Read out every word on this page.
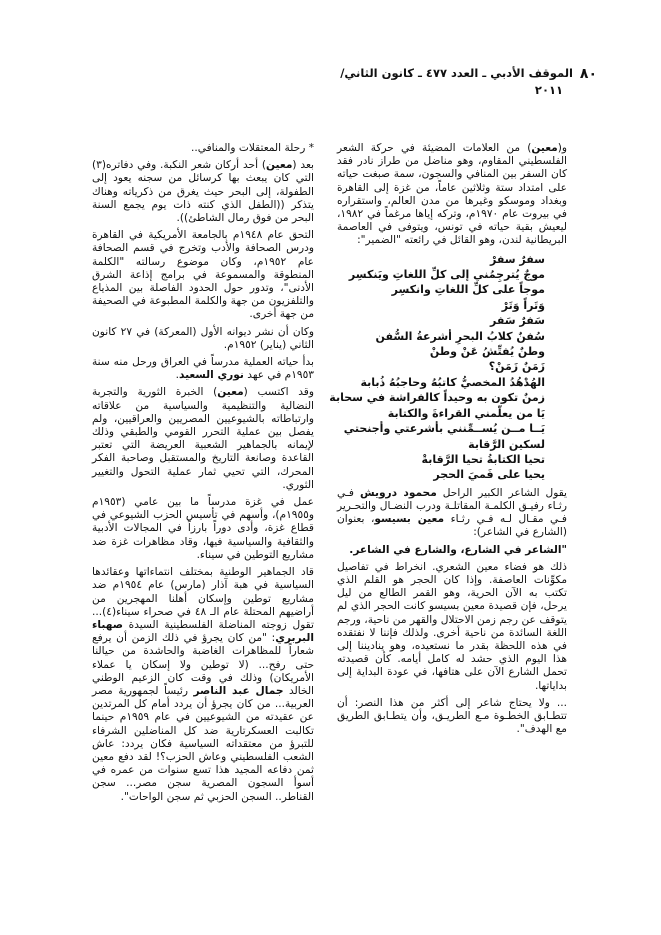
٨٠
الموقف الأدبي ـ العدد ٤٧٧ ـ كانون الثاني/
٢٠١١

و(معين) من العلامات المضيئة في حركة الشعر الفلسطيني المقاوم، وهو مناضل من طراز نادر فقد كان السفر بين المنافي والسجون، سمة صبغت حياته على امتداد ستة وثلاثين عاماً، من غزة إلى القاهرة وبغداد وموسكو وغيرها من مدن العالم، واستقراره في بيروت عام ١٩٧٠م، وتركه إياها مرغماً في ١٩٨٢، ليعيش بقية حياته في تونس، ويتوفى في العاصمة البريطانية لندن، وهو القائل في رائعته "الضمير":

سفرٌ سفرْ
موجٌ يُترجِمُني إلى كلِّ اللغاتِ ويَنكسِر
موجاً على كلِّ اللغاتِ وانكسِر
وَتَراً وَتَرْ
سَفرٌ سَفر
سُفنٌ كلابُ البحرِ أشرعةُ السُّفن
وطنٌ يُفتِّشُ عَنْ وطنْ
زَمَنٌ زَمَنْ؟
الهُدْهُدُ المخصيُّ كاتبُهُ وحاجبُهُ ذُبابة
زمنٌ تكون به وحيداً كالفراشة في سحابة
يَا من يعلّمني القراءةَ والكتابة
يَــا مــن يُســمِّنني بأشرعتي وأجنحتي لسكين الرَّقابة
تحيا الكتابةُ تحيا الرَّقابةْ
يحيا على فَميَ الحجر

يقول الشاعر الكبير الراحل محمود درويش فـي رثـاء رفيـق الكلمـة المقاتلـة ودرب النضـال والتحـرير فـي مقـال لـه فـي رثـاء معين بسيسو، بعنوان (الشارع في الشاعر):

"الشاعر في الشارع، والشارع في الشاعر.

ذلك هو فضاء معين الشعري. انخراط في تفاصيل مكوِّنات العاصفة. وإذا كان الحجر هو القلم الذي تكتب به الآن الحرية، وهو القمر الطالع من ليل يرحل، فإن قصيدة معين بسيسو كانت الحجر الذي لم يتوقف عن رجم زمن الاحتلال والقهر من ناحية، ورجم اللغة السائدة من ناحية أخرى. ولذلك فإننا لا نفتقده في هذه اللحظة بقدر ما نستعيده، وهو يناديننا إلى هذا اليوم الذي حشد له كامل أيامه. كأن قصيدته تحمل الشارع الآن على هتافها، في عودة البداية إلى بداياتها.

... ولا يحتاج شاعر إلى أكثر من هذا النصر: أن تتطـابق الخطـوة مـع الطريـق، وأن يتطـابق الطريق مع الهدف".

* رحلة المعتقلات والمنافي..

بعد (معين) أحد أركان شعر النكبة. وفي دفاتره(٣) التي كان يبعث بها كرسائل من سجنه يعود إلى الطفولة، إلى البحر حيث يغرق من ذكرياته وهناك يتذكر ((الطفل الذي كنته ذات يوم يجمع السنة البحر من فوق رمال الشاطئ)).

التحق عام ١٩٤٨م بالجامعة الأمريكية في القاهرة ودرس الصحافة والأدب وتخرج في قسم الصحافة عام ١٩٥٢م، وكان موضوع رسالته "الكلمة المنطوقة والمسموعة في برامج إذاعة الشرق الأدنى"، وتدور حول الحدود الفاصلة بين المذياع والتلفزيون من جهة والكلمة المطبوعة في الصحيفة من جهة أخرى.

وكان أن نشر ديوانه الأول (المعركة) في ٢٧ كانون الثاني (يناير) ١٩٥٢م.

بدأ حياته العملية مدرساً في العراق ورحل منه سنة ١٩٥٣م في عهد نوري السعيد.

وقد اكتسب (معين) الخبرة الثورية والتجربة النضالية والتنظيمية والسياسية من علاقاته وارتباطاته بالشيوعيين المصريين والعراقيين، ولم يفصل بين عملية التحرر القومي والطبقي وذلك لإيمانه بالجماهير الشعبية العريضة التي تعتبر القاعدة وصانعة التاريخ والمستقبل وصاحبة الفكر المحرك، التي تحيي ثمار عملية التحول والتغيير الثوري.

عمل في غزة مدرساً ما بين عامي (١٩٥٣م و١٩٥٥م)، وأسهم في تأسيس الحزب الشيوعي في قطاع غزة، وأدى دوراً بارزاً في المجالات الأدبية والثقافية والسياسية فيها، وقاد مظاهرات غزة ضد مشاريع التوطين في سيناء.

قاد الجماهير الوطنية بمختلف انتماءاتها وعقائدها السياسية في هبة آذار (مارس) عام ١٩٥٤م ضد مشاريع توطين وإسكان أهلنا المهجرين من أراضيهم المحتلة عام الـ ٤٨ في صحراء سيناء(٤)... تقول زوجته المناضلة الفلسطينية السيدة صهباء البربري: "من كان يجرؤ في ذلك الزمن أن يرفع شعاراً للمظاهرات الغاضبة والحاشدة من حيالنا حتى رفح... (لا توطين ولا إسكان يا عملاء الأمريكان) وذلك في وقت كان الزعيم الوطني الخالد جمال عبد الناصر رئيساً لجمهورية مصر العربية... من كان يجرؤ أن يردد أمام كل المرتدين عن عقيدته من الشيوعيين في عام ١٩٥٩م حينما تكالبت العسكرتارية ضد كل المناضلين الشرفاء للتبرؤ من معتقداته السياسية فكان يردد: عاش الشعب الفلسطيني وعاش الحزب؟! لقد دفع معين ثمن دفاعه المجيد هذا تسع سنوات من عمره في أسوأ السجون المصرية سجن مصر... سجن القناطر.. السجن الحزبي ثم سجن الواحات".
